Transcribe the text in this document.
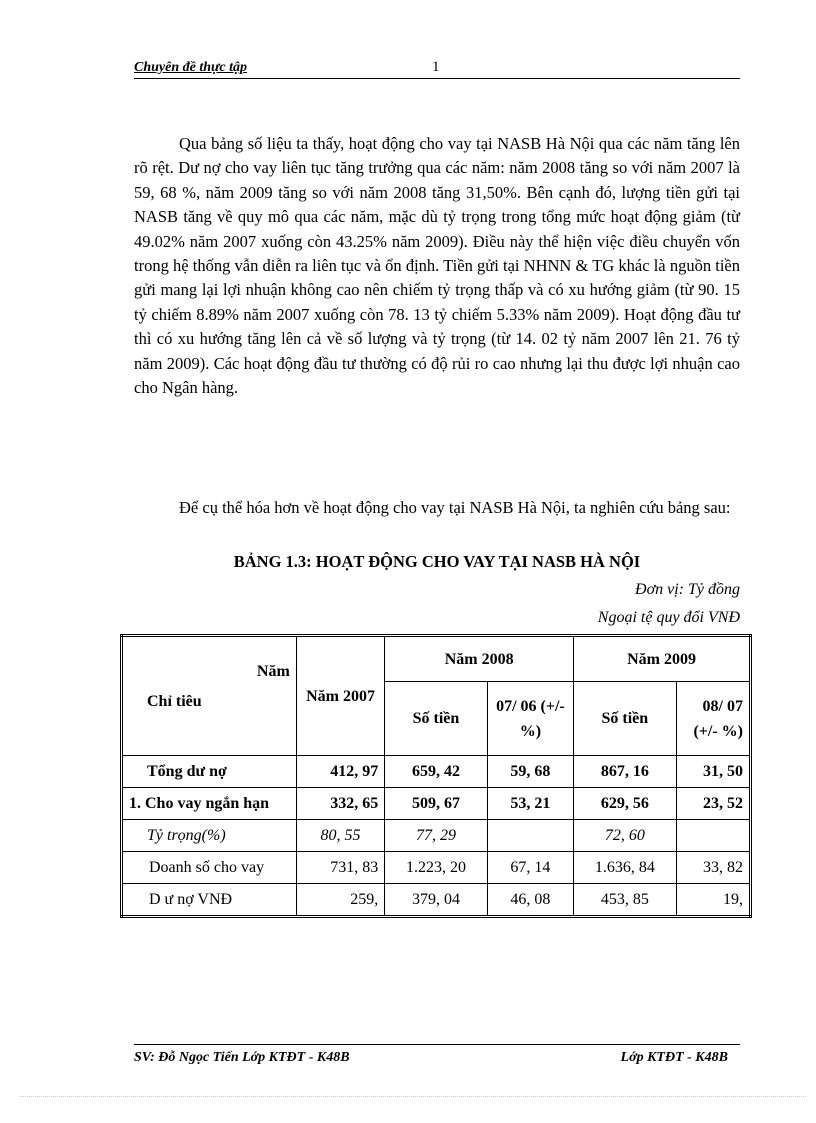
Chuyên đề thực tập	1
Qua bảng số liệu ta thấy, hoạt động cho vay tại NASB Hà Nội qua các năm tăng lên rõ rệt. Dư nợ cho vay liên tục tăng trưởng qua các năm: năm 2008 tăng so với năm 2007 là 59, 68 %, năm 2009 tăng so với năm 2008 tăng 31,50%. Bên cạnh đó, lượng tiền gửi tại NASB tăng về quy mô qua các năm, mặc dù tỷ trọng trong tổng mức hoạt động giảm (từ 49.02% năm 2007 xuống còn 43.25% năm 2009). Điều này thể hiện việc điều chuyển vốn trong hệ thống vẫn diễn ra liên tục và ổn định. Tiền gửi tại NHNN & TG khác là nguồn tiền gửi mang lại lợi nhuận không cao nên chiếm tỷ trọng thấp và có xu hướng giảm (từ 90. 15 tỷ chiếm 8.89% năm 2007 xuống còn 78. 13 tỷ chiếm 5.33% năm 2009). Hoạt động đầu tư thì có xu hướng tăng lên cả về số lượng và tỷ trọng (từ 14. 02 tỷ năm 2007 lên 21. 76 tỷ năm 2009). Các hoạt động đầu tư thường có độ rủi ro cao nhưng lại thu được lợi nhuận cao cho Ngân hàng.
Để cụ thể hóa hơn về hoạt động cho vay tại NASB Hà Nội, ta nghiên cứu bảng sau:
BẢNG 1.3: HOẠT ĐỘNG CHO VAY TẠI NASB HÀ NỘI
Đơn vị: Tỷ đồng
Ngoại tệ quy đổi VNĐ
Năm
Chỉ tiêu	Năm 2007	Năm 2008		Năm 2009	
		Số tiền	07/ 06 (+/-%)	Số tiền	08/ 07 (+/- %)
Tổng dư nợ	412, 97	659, 42	59, 68	867, 16	31, 50
1. Cho vay ngắn hạn	332, 65	509, 67	53, 21	629, 56	23, 52
Tỷ trọng(%)	80, 55	77, 29		72, 60	
Doanh số cho vay	731, 83	1.223, 20	67, 14	1.636, 84	33, 82
D ư nợ VNĐ	259,	379, 04	46, 08	453, 85	19,
SV: Đỗ Ngọc Tiến Lớp KTĐT - K48B	Lớp KTĐT - K48B
